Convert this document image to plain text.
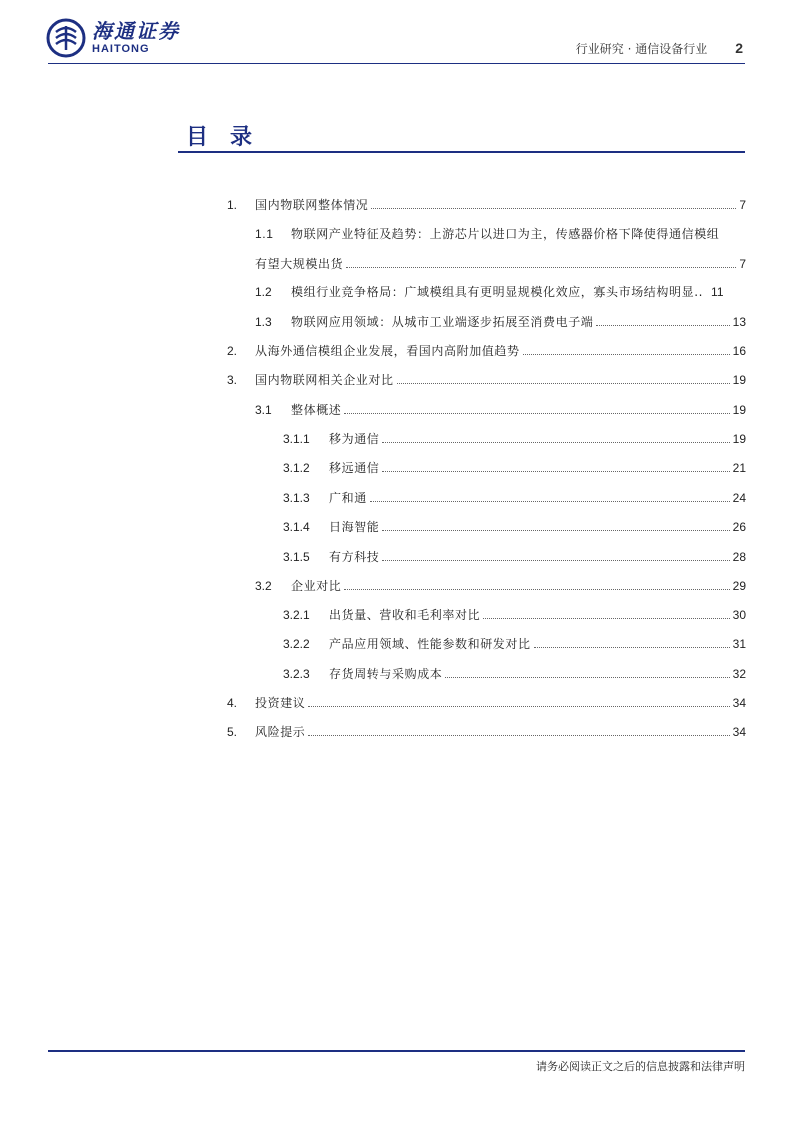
海通证券
HAITONG	行业研究 · 通信设备行业 2
目录
1.	国内物联网整体情况	7
1.1 物联网产业特征及趋势：上游芯片以进口为主，传感器价格下降使得通信模组
有望大规模出货	7
1.2	模组行业竞争格局：广域模组具有更明显规模化效应，寡头市场结构明显.. 11
1.3	物联网应用领域：从城市工业端逐步拓展至消费电子端	13
2.	从海外通信模组企业发展，看国内高附加值趋势	16
3.	国内物联网相关企业对比	19
3.1	整体概述	19
3.1.1	移为通信	19
3.1.2	移远通信	21
3.1.3	广和通	24
3.1.4	日海智能	26
3.1.5	有方科技	28
3.2	企业对比	29
3.2.1	出货量、营收和毛利率对比	30
3.2.2	产品应用领域、性能参数和研发对比	31
3.2.3	存货周转与采购成本	32
4.	投资建议	34
5.	风险提示	34
请务必阅读正文之后的信息披露和法律声明
